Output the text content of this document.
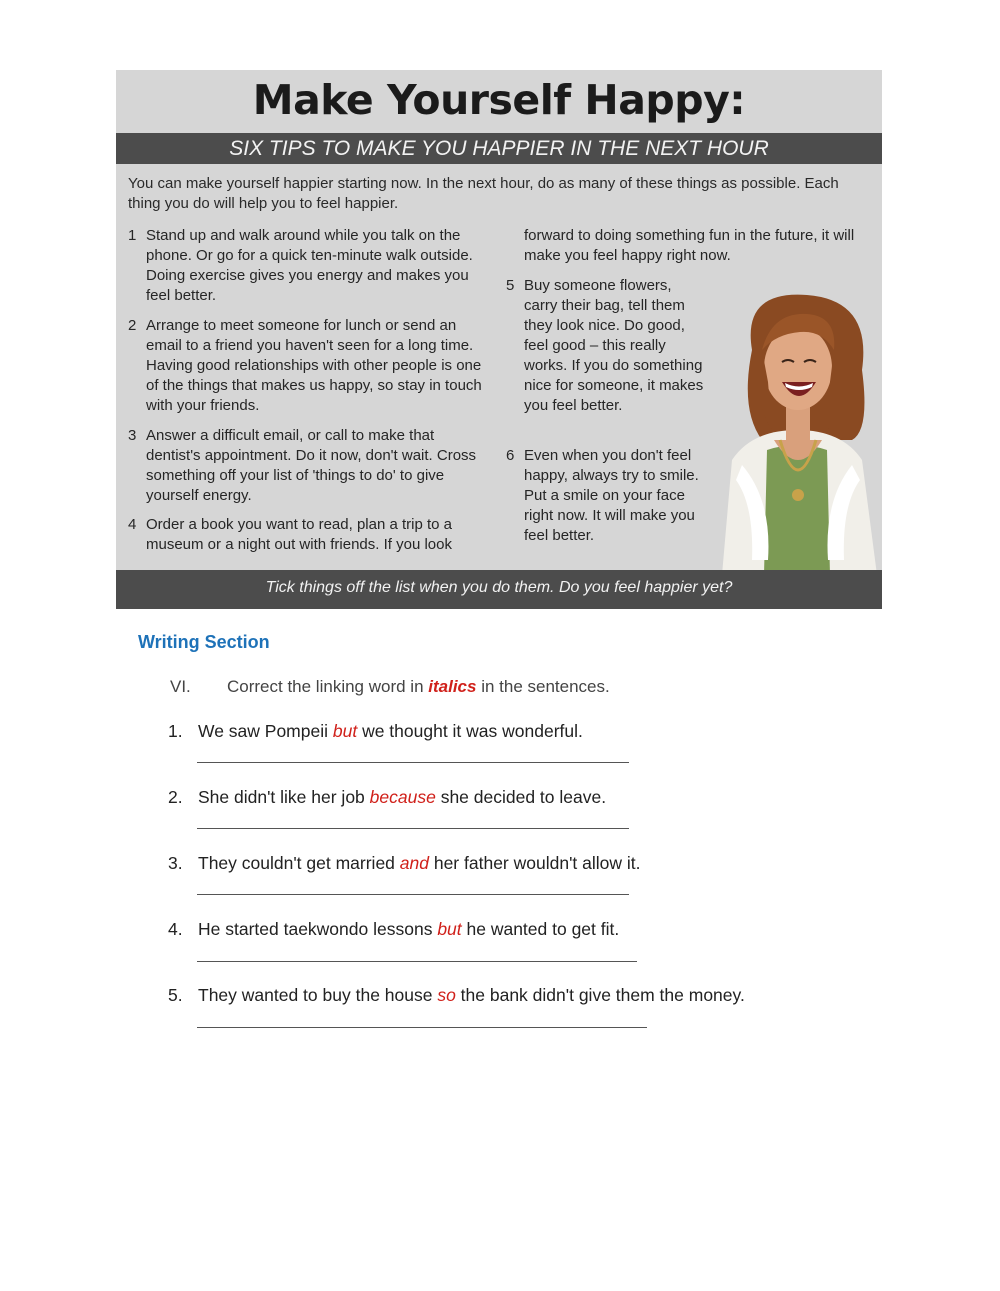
Make Yourself Happy:
SIX TIPS TO MAKE YOU HAPPIER IN THE NEXT HOUR
You can make yourself happier starting now. In the next hour, do as many of these things as possible. Each thing you do will help you to feel happier.
1 Stand up and walk around while you talk on the phone. Or go for a quick ten-minute walk outside. Doing exercise gives you energy and makes you feel better.
2 Arrange to meet someone for lunch or send an email to a friend you haven't seen for a long time. Having good relationships with other people is one of the things that makes us happy, so stay in touch with your friends.
3 Answer a difficult email, or call to make that dentist's appointment. Do it now, don't wait. Cross something off your list of 'things to do' to give yourself energy.
4 Order a book you want to read, plan a trip to a museum or a night out with friends. If you look
forward to doing something fun in the future, it will make you feel happy right now.
5 Buy someone flowers, carry their bag, tell them they look nice. Do good, feel good – this really works. If you do something nice for someone, it makes you feel better.
6 Even when you don't feel happy, always try to smile. Put a smile on your face right now. It will make you feel better.
Tick things off the list when you do them. Do you feel happier yet?
Writing Section
VI. Correct the linking word in italics in the sentences.
1. We saw Pompeii but we thought it was wonderful.
2. She didn't like her job because she decided to leave.
3. They couldn't get married and her father wouldn't allow it.
4. He started taekwondo lessons but he wanted to get fit.
5. They wanted to buy the house so the bank didn't give them the money.
